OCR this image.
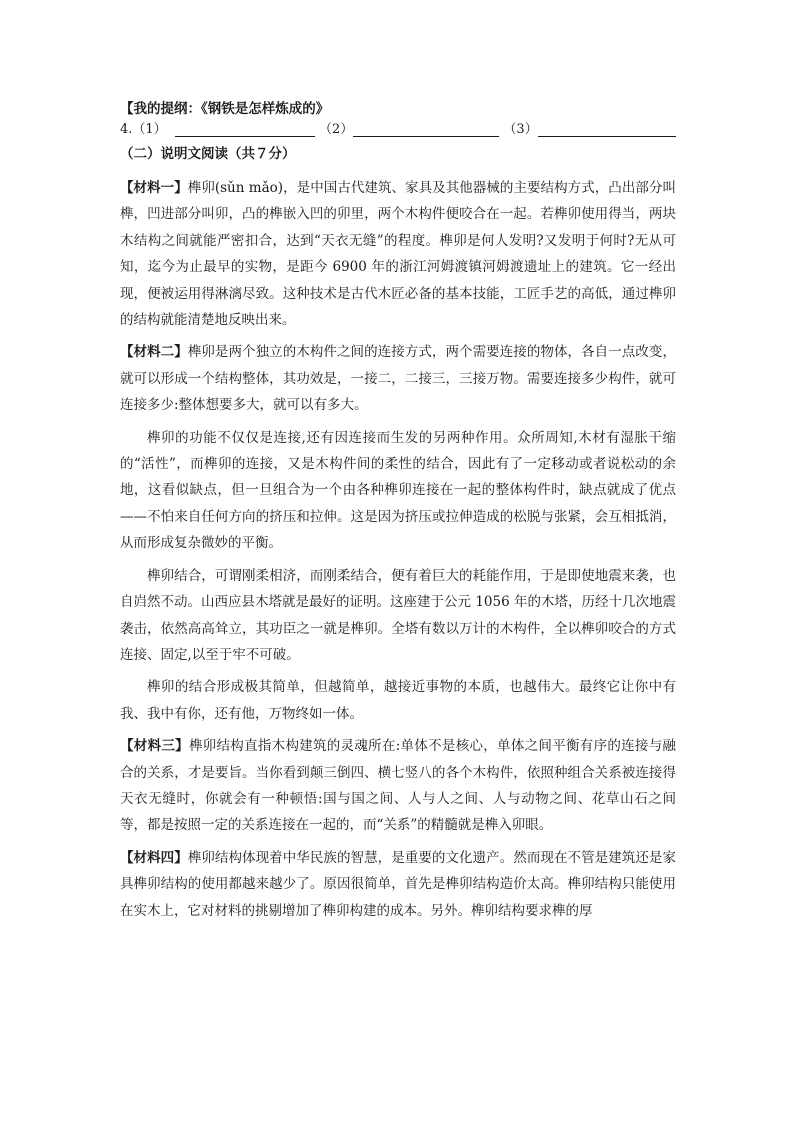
【我的提纲：《钢铁是怎样炼成的》
4.（1）	（2）	（3）
（二）说明文阅读（共７分）

【材料一】榫卯(sǔn mǎo)，是中国古代建筑、家具及其他器械的主要结构方式，凸出部分叫榫，凹进部分叫卯，凸的榫嵌入凹的卯里，两个木构件便咬合在一起。若榫卯使用得当，两块木结构之间就能严密扣合，达到“天衣无缝”的程度。榫卯是何人发明?又发明于何时?无从可知，迄今为止最早的实物，是距今 6900 年的浙江河姆渡镇河姆渡遗址上的建筑。它一经出现，便被运用得淋漓尽致。这种技术是古代木匠必备的基本技能，工匠手艺的高低，通过榫卯的结构就能清楚地反映出来。

【材料二】榫卯是两个独立的木构件之间的连接方式，两个需要连接的物体，各自一点改变，就可以形成一个结构整体，其功效是，一接二，二接三，三接万物。需要连接多少构件，就可连接多少:整体想要多大，就可以有多大。

榫卯的功能不仅仅是连接,还有因连接而生发的另两种作用。众所周知,木材有湿胀干缩的“活性”，而榫卯的连接，又是木构件间的柔性的结合，因此有了一定移动或者说松动的余地，这看似缺点，但一旦组合为一个由各种榫卯连接在一起的整体构件时，缺点就成了优点——不怕来自任何方向的挤压和拉伸。这是因为挤压或拉伸造成的松脱与张紧，会互相抵消，从而形成复杂微妙的平衡。

榫卯结合，可谓刚柔相济，而刚柔结合，便有着巨大的耗能作用，于是即使地震来袭，也自岿然不动。山西应县木塔就是最好的证明。这座建于公元 1056 年的木塔，历经十几次地震袭击，依然高高耸立，其功臣之一就是榫卯。全塔有数以万计的木构件，全以榫卯咬合的方式连接、固定,以至于牢不可破。

榫卯的结合形成极其简单，但越简单，越接近事物的本质，也越伟大。最终它让你中有我、我中有你，还有他，万物终如一体。

【材料三】榫卯结构直指木构建筑的灵魂所在:单体不是核心，单体之间平衡有序的连接与融合的关系，才是要旨。当你看到颠三倒四、横七竖八的各个木构件，依照种组合关系被连接得天衣无缝时，你就会有一种顿悟:国与国之间、人与人之间、人与动物之间、花草山石之间等，都是按照一定的关系连接在一起的，而“关系”的精髓就是榫入卯眼。

【材料四】榫卯结构体现着中华民族的智慧，是重要的文化遗产。然而现在不管是建筑还是家具榫卯结构的使用都越来越少了。原因很简单，首先是榫卯结构造价太高。榫卯结构只能使用在实木上，它对材料的挑剔增加了榫卯构建的成本。另外。榫卯结构要求榫的厚
